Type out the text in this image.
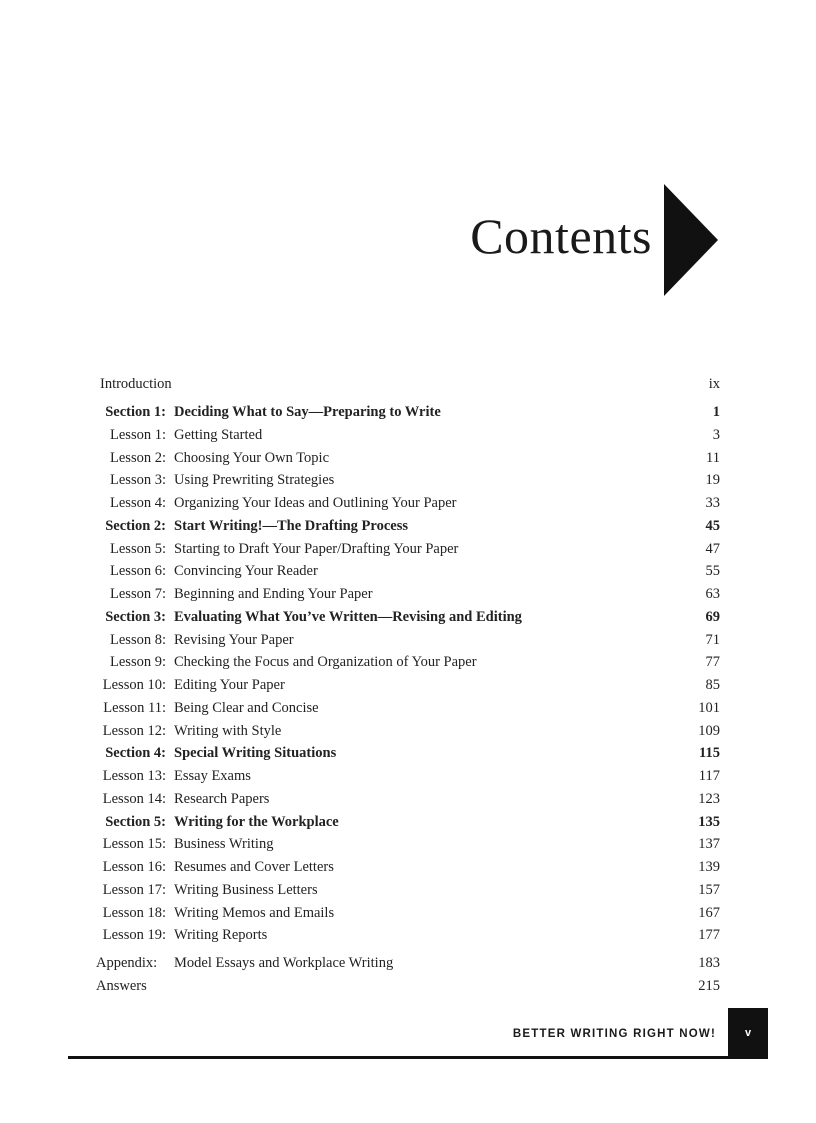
Contents
Introduction	ix
Section 1: Deciding What to Say—Preparing to Write	1
Lesson 1: Getting Started	3
Lesson 2: Choosing Your Own Topic	11
Lesson 3: Using Prewriting Strategies	19
Lesson 4: Organizing Your Ideas and Outlining Your Paper	33
Section 2: Start Writing!—The Drafting Process	45
Lesson 5: Starting to Draft Your Paper/Drafting Your Paper	47
Lesson 6: Convincing Your Reader	55
Lesson 7: Beginning and Ending Your Paper	63
Section 3: Evaluating What You’ve Written—Revising and Editing	69
Lesson 8: Revising Your Paper	71
Lesson 9: Checking the Focus and Organization of Your Paper	77
Lesson 10: Editing Your Paper	85
Lesson 11: Being Clear and Concise	101
Lesson 12: Writing with Style	109
Section 4: Special Writing Situations	115
Lesson 13: Essay Exams	117
Lesson 14: Research Papers	123
Section 5: Writing for the Workplace	135
Lesson 15: Business Writing	137
Lesson 16: Resumes and Cover Letters	139
Lesson 17: Writing Business Letters	157
Lesson 18: Writing Memos and Emails	167
Lesson 19: Writing Reports	177
Appendix: Model Essays and Workplace Writing	183
Answers	215
BETTER WRITING RIGHT NOW!	v
